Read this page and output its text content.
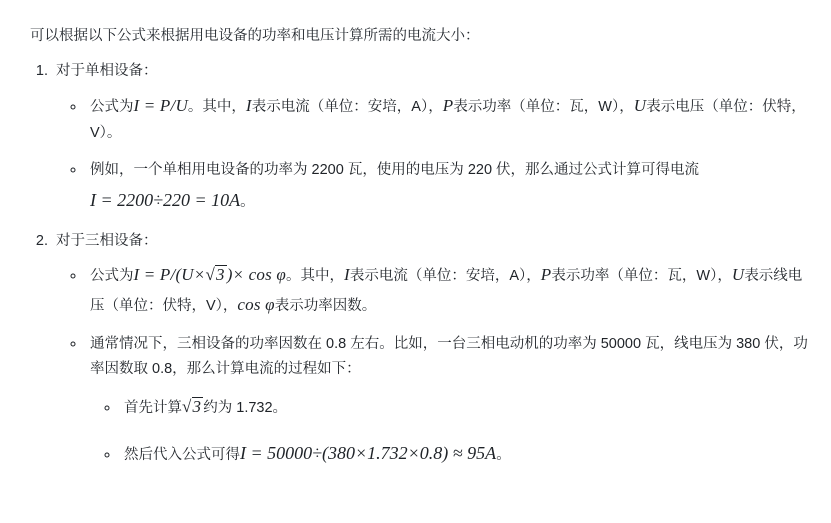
可以根据以下公式来根据用电设备的功率和电压计算所需的电流大小：

1. 对于单相设备：
◦ 公式为I = P/U。其中，I表示电流（单位：安培，A），P表示功率（单位：瓦，W），U表示电压（单位：伏特，V）。
◦ 例如，一个单相用电设备的功率为 2200 瓦，使用的电压为 220 伏，那么通过公式计算可得电流 I = 2200÷220 = 10A。
2. 对于三相设备：
◦ 公式为I = P/(U×√3 )× cos φ。其中，I表示电流（单位：安培，A），P表示功率（单位：瓦，W），U表示线电压（单位：伏特，V），cos φ表示功率因数。
◦ 通常情况下，三相设备的功率因数在 0.8 左右。比如，一台三相电动机的功率为 50000 瓦，线电压为 380 伏，功率因数取 0.8，那么计算电流的过程如下：
◦ 首先计算√3 约为 1.732。
◦ 然后代入公式可得I = 50000÷(380×1.732×0.8) ≈ 95A。
